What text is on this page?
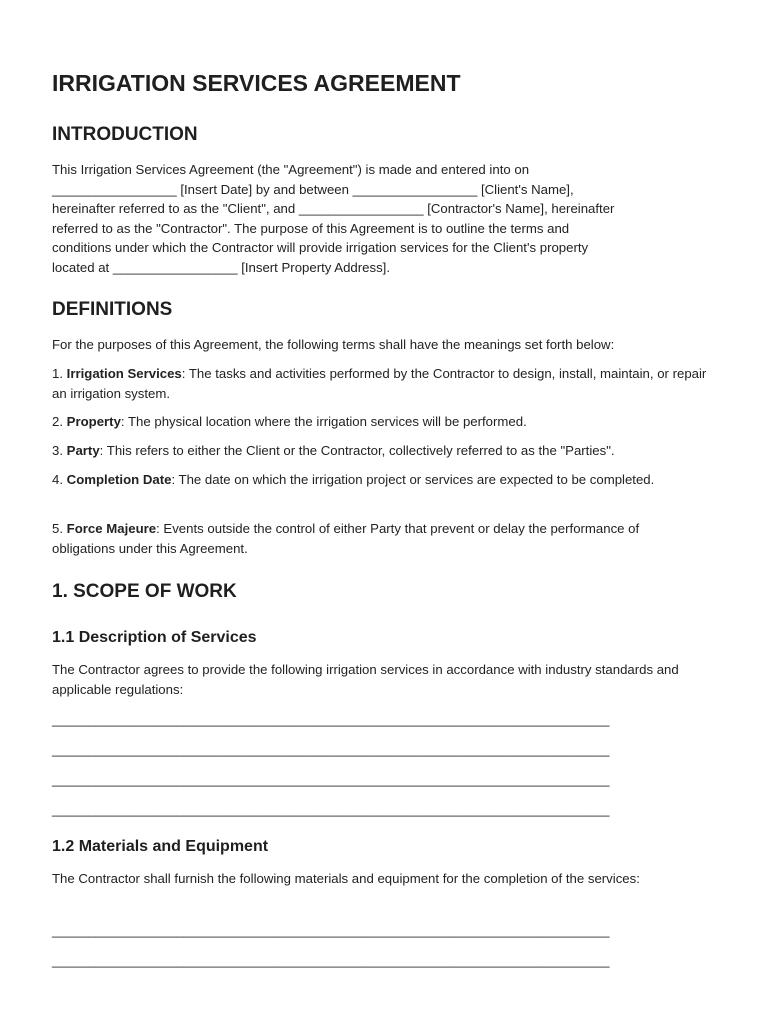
IRRIGATION SERVICES AGREEMENT
INTRODUCTION

This Irrigation Services Agreement (the "Agreement") is made and entered into on

_________________ [Insert Date] by and between _________________ [Client's Name],

hereinafter referred to as the "Client", and _________________ [Contractor's Name], hereinafter

referred to as the "Contractor". The purpose of this Agreement is to outline the terms and

conditions under which the Contractor will provide irrigation services for the Client's property

located at _________________ [Insert Property Address].

DEFINITIONS

For the purposes of this Agreement, the following terms shall have the meanings set forth below:

1. Irrigation Services: The tasks and activities performed by the Contractor to design, install, maintain, or repair an irrigation system.

2. Property: The physical location where the irrigation services will be performed.

3. Party: This refers to either the Client or the Contractor, collectively referred to as the "Parties".

4. Completion Date: The date on which the irrigation project or services are expected to be completed.

5. Force Majeure: Events outside the control of either Party that prevent or delay the performance of obligations under this Agreement.

1. SCOPE OF WORK
1.1 Description of Services

The Contractor agrees to provide the following irrigation services in accordance with industry standards and applicable regulations:

____________________________________________________________________________

____________________________________________________________________________

____________________________________________________________________________

____________________________________________________________________________

1.2 Materials and Equipment

The Contractor shall furnish the following materials and equipment for the completion of the services:

____________________________________________________________________________

____________________________________________________________________________
